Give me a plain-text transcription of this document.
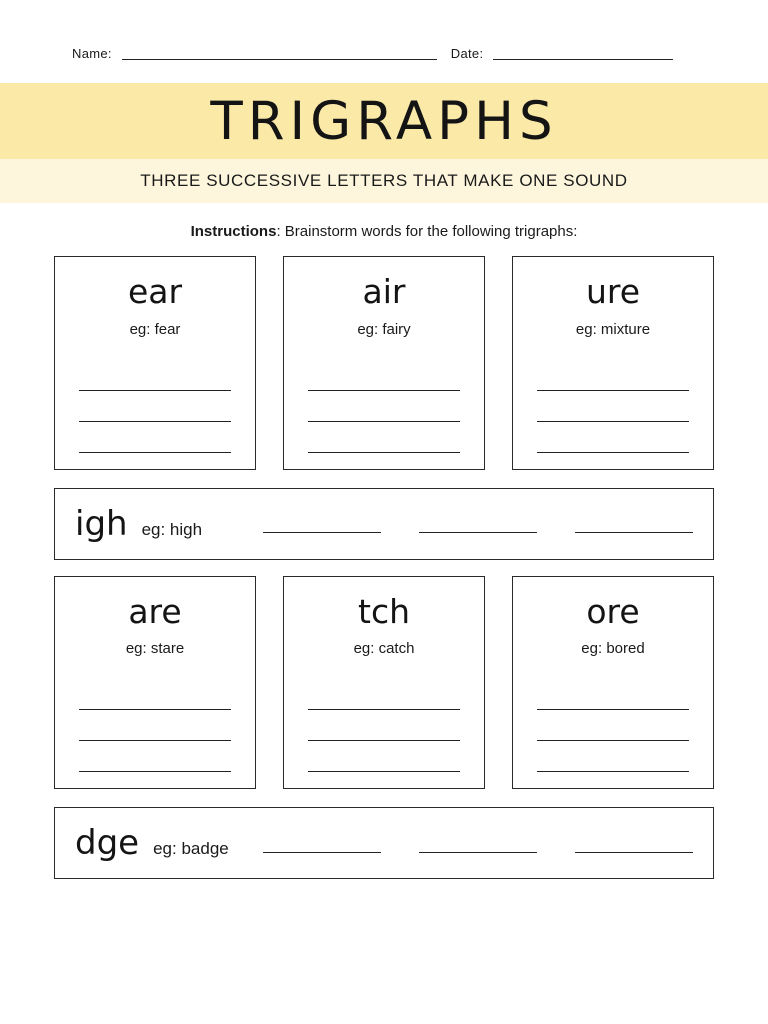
Name:	Date:
TRIGRAPHS
THREE SUCCESSIVE LETTERS THAT MAKE ONE SOUND
Instructions: Brainstorm words for the following trigraphs:
ear
eg: fear
air
eg: fairy
ure
eg: mixture
igh eg: high
are
eg: stare
tch
eg: catch
ore
eg: bored
dge eg: badge
